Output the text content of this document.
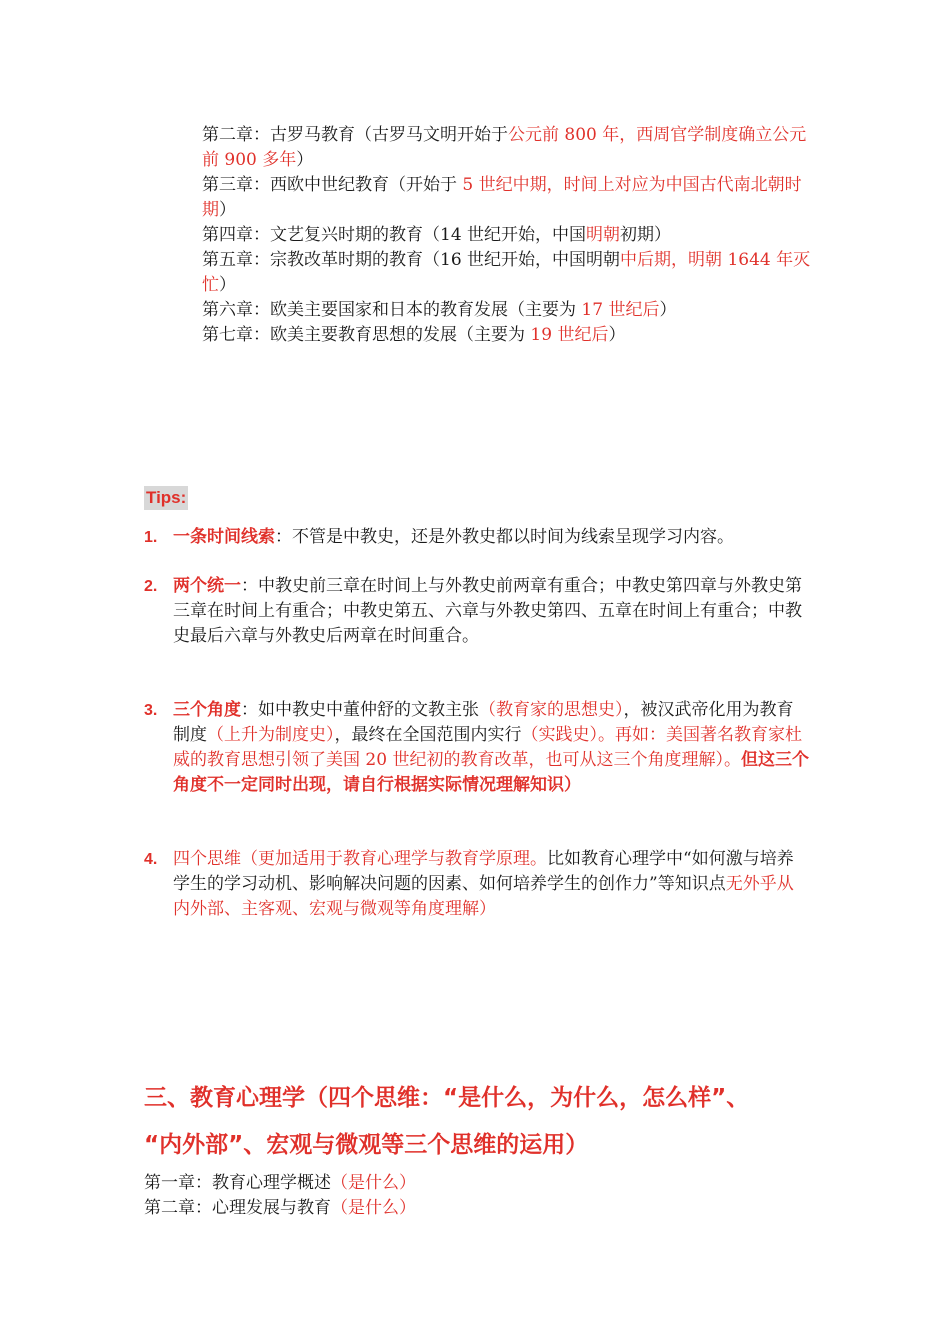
第二章：古罗马教育（古罗马文明开始于公元前 800 年，西周官学制度确立公元前 900 多年）
第三章：西欧中世纪教育（开始于 5 世纪中期，时间上对应为中国古代南北朝时期）
第四章：文艺复兴时期的教育（14 世纪开始，中国明朝初期）
第五章：宗教改革时期的教育（16 世纪开始，中国明朝中后期，明朝 1644 年灭忙）
第六章：欧美主要国家和日本的教育发展（主要为 17 世纪后）
第七章：欧美主要教育思想的发展（主要为 19 世纪后）
Tips:
1. 一条时间线索：不管是中教史，还是外教史都以时间为线索呈现学习内容。
2. 两个统一：中教史前三章在时间上与外教史前两章有重合；中教史第四章与外教史第三章在时间上有重合；中教史第五、六章与外教史第四、五章在时间上有重合；中教史最后六章与外教史后两章在时间重合。
3. 三个角度：如中教史中董仲舒的文教主张（教育家的思想史），被汉武帝化用为教育制度（上升为制度史），最终在全国范围内实行（实践史）。再如：美国著名教育家杜威的教育思想引领了美国 20 世纪初的教育改革，也可从这三个角度理解）。但这三个角度不一定同时出现，请自行根据实际情况理解知识）
4. 四个思维（更加适用于教育心理学与教育学原理。比如教育心理学中“如何激与培养学生的学习动机、影响解决问题的因素、如何培养学生的创作力”等知识点无外乎从内外部、主客观、宏观与微观等角度理解）
三、教育心理学（四个思维：“是什么，为什么，怎么样”、
“内外部”、宏观与微观等三个思维的运用）
第一章：教育心理学概述（是什么）
第二章：心理发展与教育（是什么）
